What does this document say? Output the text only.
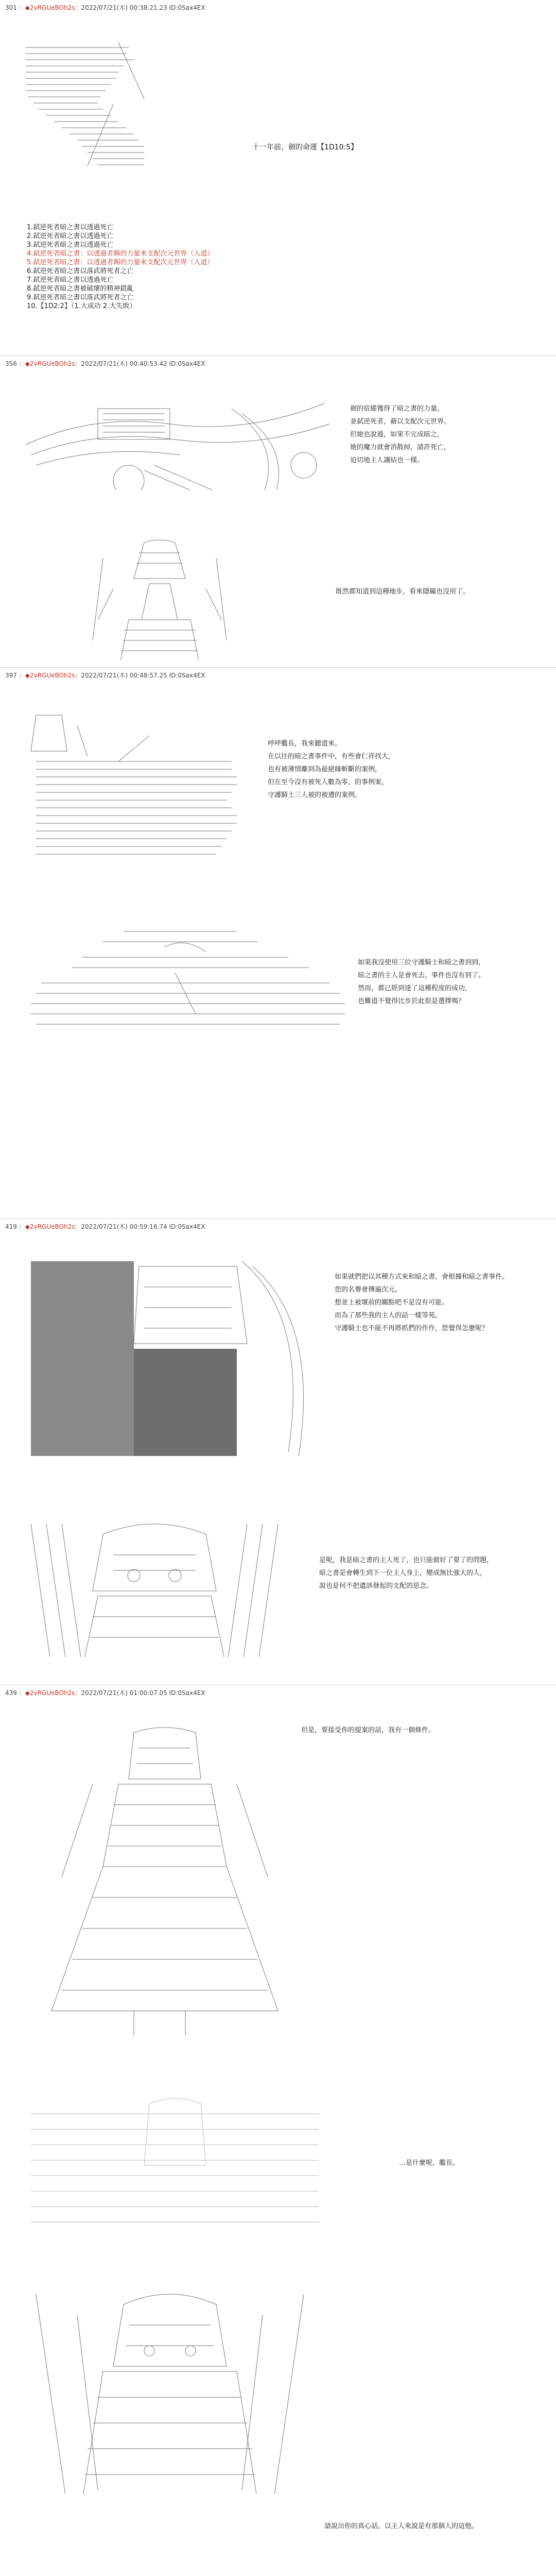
301 ：◆2vRGUeBOh2s：2022/07/21(木) 00:38:21.23 ID:0Sax4EX

十一年前，劍的命運【1D10:5】
1.弑逆死者暗之書以透過死亡
2.弑逆死者暗之書以透過死亡
3.弑逆死者暗之書以透過死亡
4.弑逆死者暗之書：以透過者賜的力量來支配次元世界（入道）
5.弑逆死者暗之書：以透過者賜的力量來支配次元世界（入道）
6.弑逆死者暗之書以落武將死者之亡
7.弑逆死者暗之書以透過死亡
8.弑逆死者暗之書被破壞的精神錯亂
9.弑逆死者暗之書以落武將死者之亡
10.【1D2:2】（1.大成功 2.大失敗）
356 ：◆2vRGUeBOh2s：2022/07/21(木) 00:40:53.42 ID:0Sax4EX

劍的宿縱獲得了暗之書的力量。
並弑逆死者，藉以支配次元世界。
但她也說過，如果不完成暗之，
她的魔力就會消散掉，請許死亡，
迫切地主人讓結也一樣。

既然都知道到這種地步，看來隱瞞也沒用了。
397 ：◆2vRGUeBOh2s：2022/07/21(木) 00:48:57.25 ID:0Sax4EX

呼呼艦長，我來聽道來。
在以往的暗之書事件中，有些會仁祥找大，
也有被薄情離到為最絕緣斬斷的案例，
但在至今沒有被死人數為零，的事例案，
守護騎士三人被的被遭的案例。

如果我沒使用三位守護騎士和暗之書到到，
暗之書的主人是會死去，事件也沒有到了。
然而，都已經到達了這種程度的成功，
也難道不覺得比步於此很是選擇嗎？
419 ：◆2vRGUeBOh2s：2022/07/21(木) 00:59:16.74 ID:0Sax4EX

如果就們把以其種方式來和暗之書，會根據和暗之書事件。
您的名譽會傳遍次元。
想並上被壞前的關點吧不是沒有可能。
而為了那些我的主人的話一樣等苑。
守護騎士也不能不再將抓們的作作，您覺得怎麼呢？

是呢，我是暗之書的主人死了，也只能做好了要了的問題，
暗之書是會轉生到下一位主人身上，變成無比強大的人，
說也是何不把遺該發起的支配的思念。
439 ：◆2vRGUeBOh2s：2022/07/21(木) 01:00:07.05 ID:0Sax4EX

但是，要接受你的提案的話，我有一個條件。

…是什麼呢，艦長。

請說出你的真心話，以主人來說是有那個人的這他。
